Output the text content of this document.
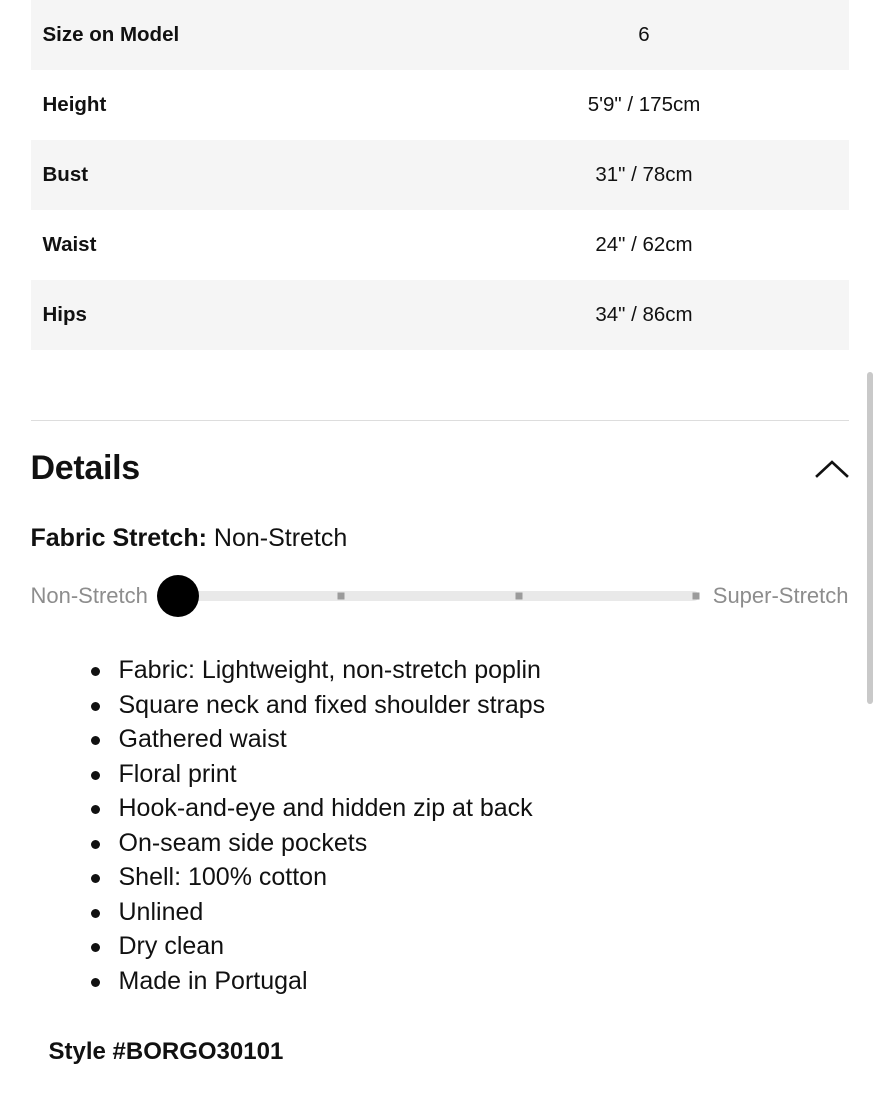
Size on Model	6
Height	5'9" / 175cm
Bust	31" / 78cm
Waist	24" / 62cm
Hips	34" / 86cm
Details
Fabric Stretch: Non-Stretch
Non-Stretch	Super-Stretch
Fabric: Lightweight, non-stretch poplin
Square neck and fixed shoulder straps
Gathered waist
Floral print
Hook-and-eye and hidden zip at back
On-seam side pockets
Shell: 100% cotton
Unlined
Dry clean
Made in Portugal
Style #BORGO30101
